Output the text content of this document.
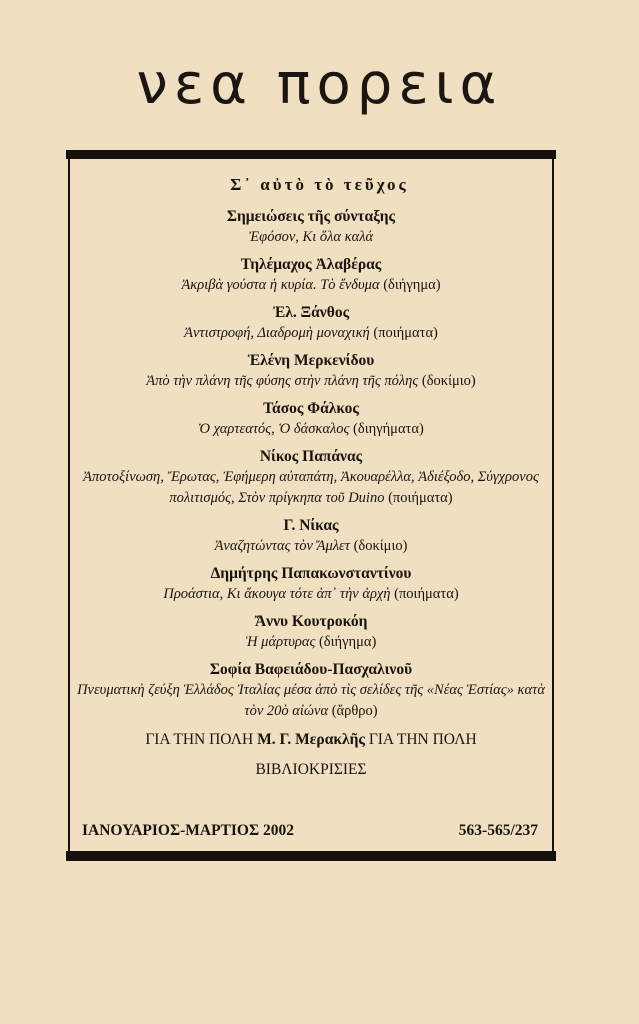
νεα πορεια
Σ᾿ αὐτὸ τὸ τεῦχος
Σημειώσεις τῆς σύνταξης
Ἐφόσον, Κι ὅλα καλά
Τηλέμαχος Ἀλαβέρας
Ἀκριβὰ γούστα ἡ κυρία. Τὸ ἔνδυμα (διήγημα)
Ἐλ. Ξάνθος
Ἀντιστροφή, Διαδρομὴ μοναχική (ποιήματα)
Ἑλένη Μερκενίδου
Ἀπὸ τὴν πλάνη τῆς φύσης στὴν πλάνη τῆς πόλης (δοκίμιο)
Τάσος Φάλκος
Ὁ χαρτεατός, Ὁ δάσκαλος (διηγήματα)
Νίκος Παπάνας
Ἀποτοξίνωση, Ἔρωτας, Ἐφήμερη αὐταπάτη, Ἀκουαρέλλα, Ἀδιέξοδο, Σύγχρονος πολιτισμός, Στὸν πρίγκηπα τοῦ Duino (ποιήματα)
Γ. Νίκας
Ἀναζητώντας τὸν Ἄμλετ (δοκίμιο)
Δημήτρης Παπακωνσταντίνου
Προάστια, Κι ἄκουγα τότε ἀπ᾿ τὴν ἀρχὴ (ποιήματα)
Ἄννυ Κουτροκόη
Ἡ μάρτυρας (διήγημα)
Σοφία Βαφειάδου-Πασχαλινοῦ
Πνευματικὴ ζεύξη Ἑλλάδος Ἰταλίας μέσα ἀπὸ τὶς σελίδες τῆς «Νέας Ἑστίας» κατὰ τὸν 20ὸ αἰώνα (ἄρθρο)
ΓΙΑ ΤΗΝ ΠΟΛΗ Μ. Γ. Μερακλῆς ΓΙΑ ΤΗΝ ΠΟΛΗ
ΒΙΒΛΙΟΚΡΙΣΙΕΣ
ΙΑΝΟΥΑΡΙΟΣ-ΜΑΡΤΙΟΣ 2002	563-565/237
